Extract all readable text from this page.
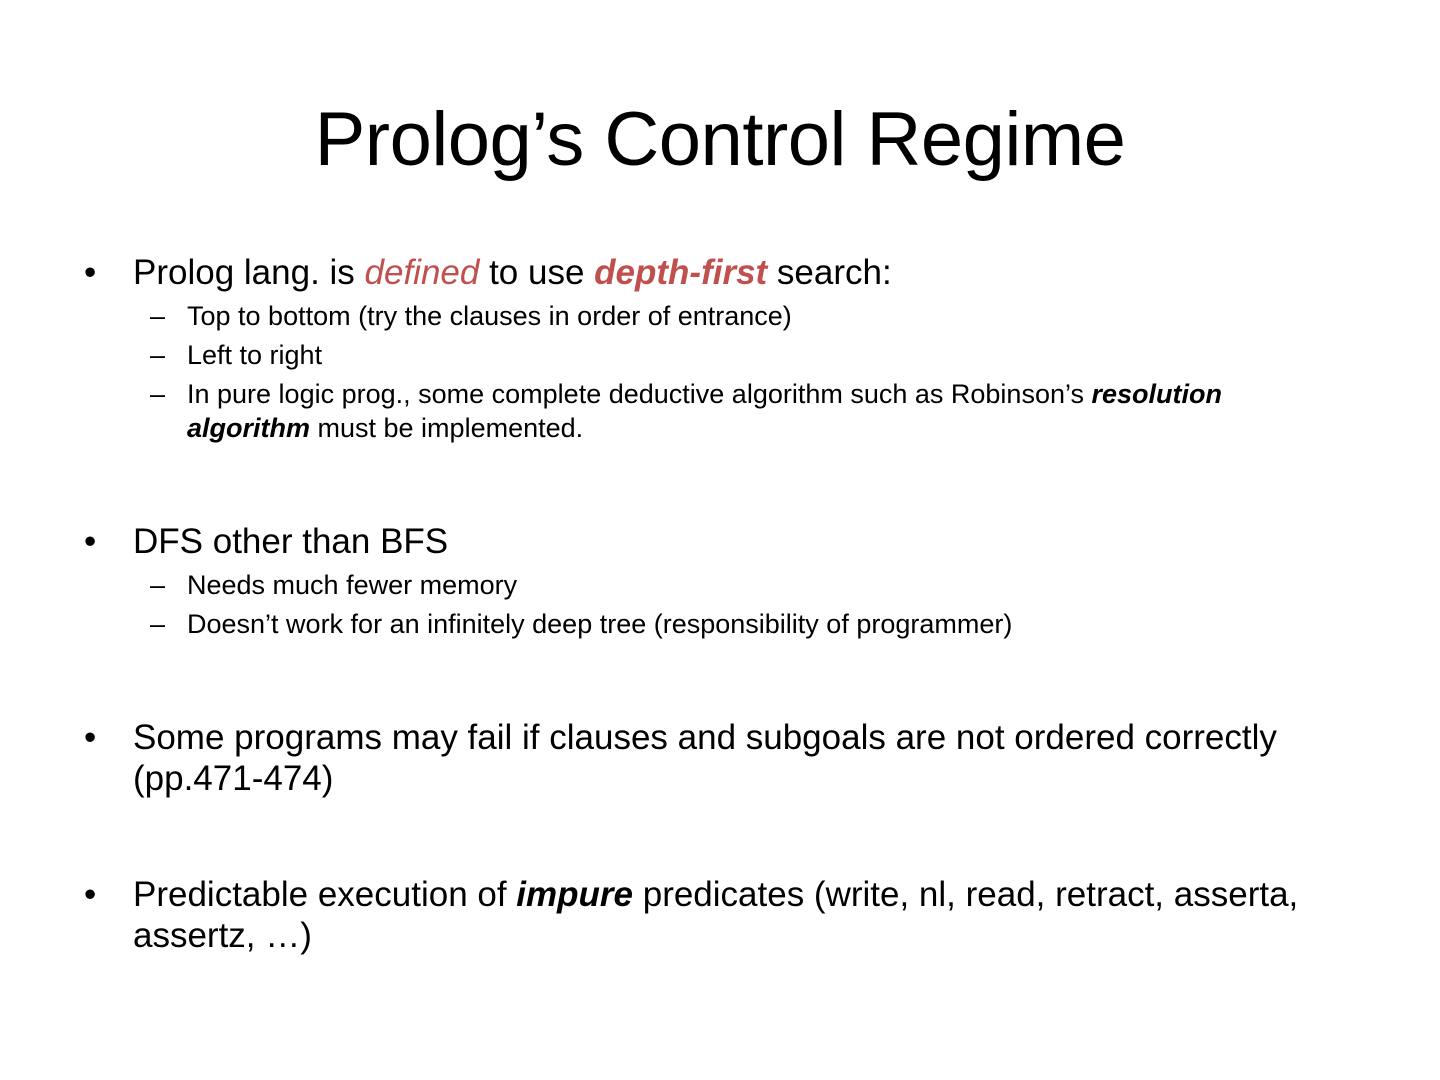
Prolog’s Control Regime
• Prolog lang. is defined to use depth-first search:
– Top to bottom (try the clauses in order of entrance)
– Left to right
– In pure logic prog., some complete deductive algorithm such as Robinson’s resolution algorithm must be implemented.
• DFS other than BFS
– Needs much fewer memory
– Doesn’t work for an infinitely deep tree (responsibility of programmer)
• Some programs may fail if clauses and subgoals are not ordered correctly (pp.471-474)
• Predictable execution of impure predicates (write, nl, read, retract, asserta, assertz, …)
